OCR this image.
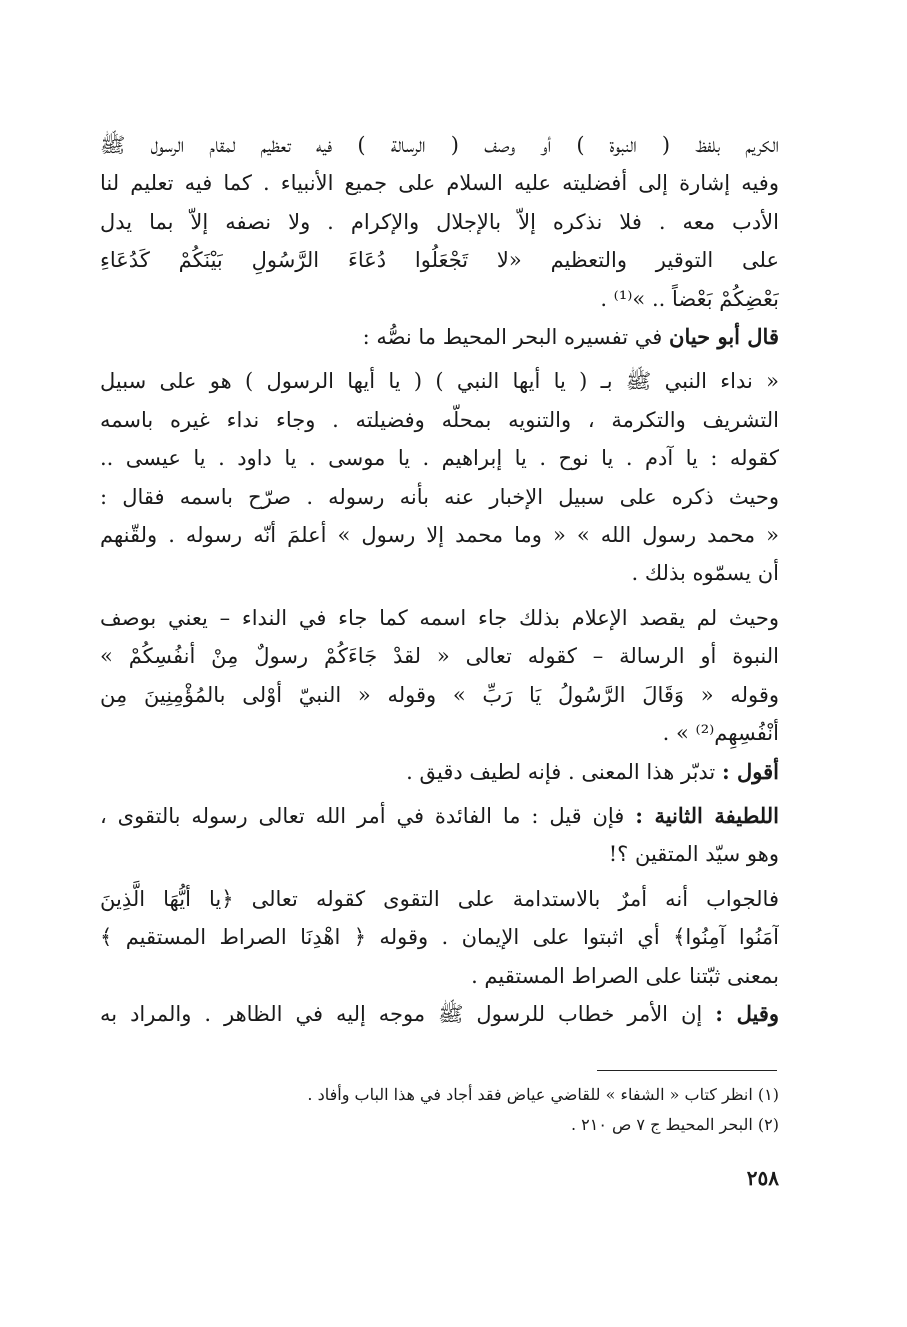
الكريم بلفظ ( النبوة ) أو وصف ( الرسالة ) فيه تعظيم لمقام الرسول ﷺ
وفيه إشارة إلى أفضليته عليه السلام على جميع الأنبياء . كما فيه تعليم لنا
الأدب معه . فلا نذكره إلاّ بالإجلال والإكرام . ولا نصفه إلاّ بما يدل
على التوقير والتعظيم «لا تَجْعَلُوا دُعَاءَ الرَّسُولِ بَيْنَكُمْ كَدُعَاءِ
بَعْضِكُمْ بَعْضاً .. »⁽¹⁾ .
قال أبو حيان في تفسيره البحر المحيط ما نصُّه :
« نداء النبي ﷺ بـ ( يا أيها النبي ) ( يا أيها الرسول ) هو على سبيل
التشريف والتكرمة ، والتنويه بمحلّه وفضيلته . وجاء نداء غيره باسمه
كقوله : يا آدم . يا نوح . يا إبراهيم . يا موسى . يا داود . يا عيسى ..
وحيث ذكره على سبيل الإخبار عنه بأنه رسوله . صرّح باسمه فقال :
« محمد رسول الله » « وما محمد إلا رسول » أعلمَ أنّه رسوله . ولقّنهم
أن يسمّوه بذلك .
وحيث لم يقصد الإعلام بذلك جاء اسمه كما جاء في النداء – يعني بوصف
النبوة أو الرسالة – كقوله تعالى « لقدْ جَاءَكُمْ رسولٌ مِنْ أنفُسِكُمْ »
وقوله « وَقَالَ الرَّسُولُ يَا رَبِّ » وقوله « النبيّ أوْلى بالمُؤْمِنِينَ مِن
أنْفُسِهِم⁽²⁾ » .
أقول : تدبّر هذا المعنى . فإنه لطيف دقيق .
اللطيفة الثانية : فإن قيل : ما الفائدة في أمر الله تعالى رسوله بالتقوى ،
وهو سيّد المتقين ؟!
فالجواب أنه أمرٌ بالاستدامة على التقوى كقوله تعالى ﴿يا أيُّهَا الَّذِينَ
آمَنُوا آمِنُوا﴾ أي اثبتوا على الإيمان . وقوله ﴿ اهْدِنَا الصراط المستقيم ﴾
بمعنى ثبّتنا على الصراط المستقيم .
وقيل : إن الأمر خطاب للرسول ﷺ موجه إليه في الظاهر . والمراد به
(١) انظر كتاب « الشفاء » للقاضي عياض فقد أجاد في هذا الباب وأفاد .
(٢) البحر المحيط ج ٧ ص ٢١٠ .
٢٥٨
